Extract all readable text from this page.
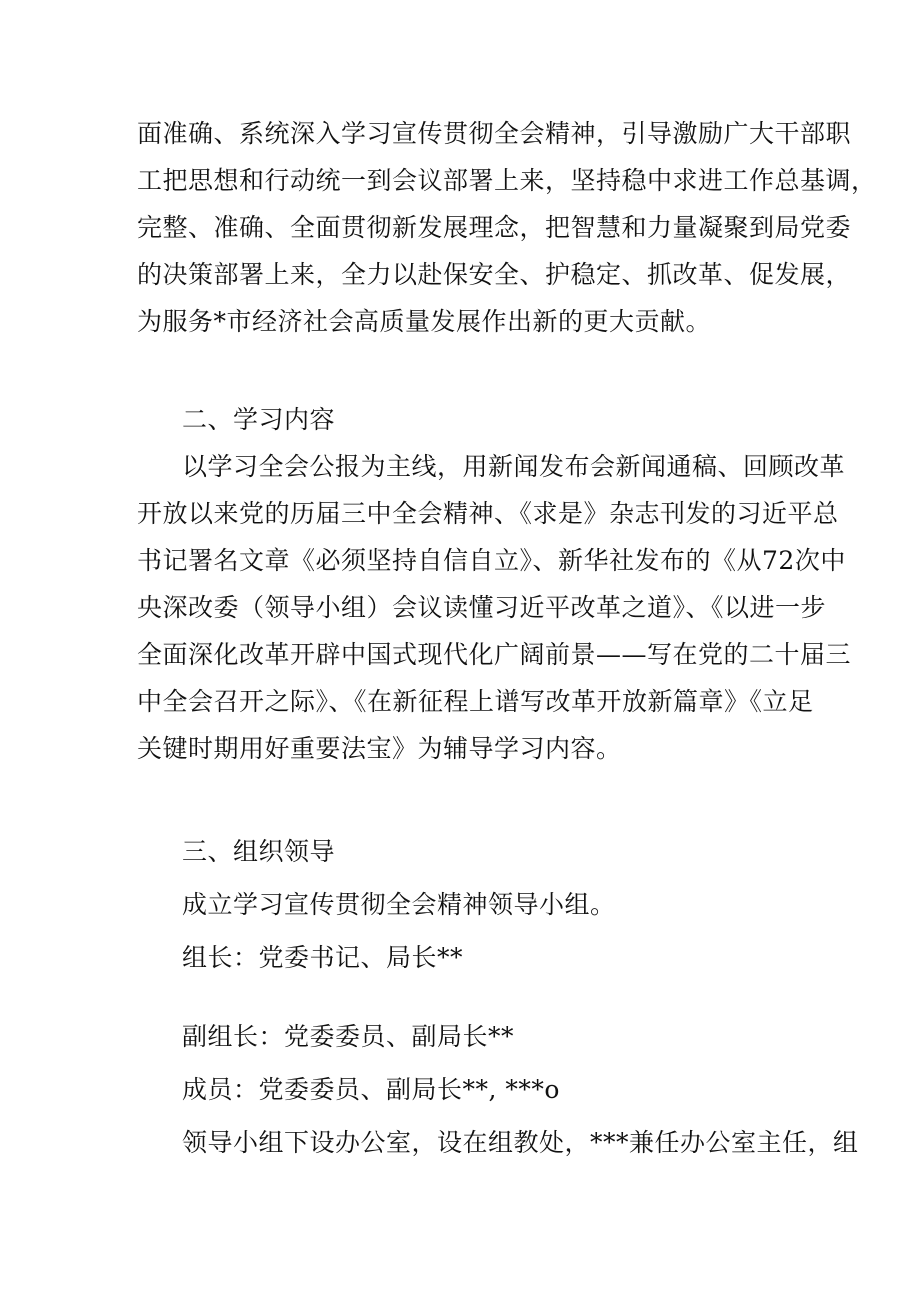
面准确、系统深入学习宣传贯彻全会精神，引导激励广大干部职
工把思想和行动统一到会议部署上来，坚持稳中求进工作总基调，
完整、准确、全面贯彻新发展理念，把智慧和力量凝聚到局党委
的决策部署上来，全力以赴保安全、护稳定、抓改革、促发展，
为服务*市经济社会高质量发展作出新的更大贡献。
二、学习内容
以学习全会公报为主线，用新闻发布会新闻通稿、回顾改革
开放以来党的历届三中全会精神、《求是》杂志刊发的习近平总
书记署名文章《必须坚持自信自立》、新华社发布的《从72次中
央深改委（领导小组）会议读懂习近平改革之道》、《以进一步
全面深化改革开辟中国式现代化广阔前景——写在党的二十届三
中全会召开之际》、《在新征程上谱写改革开放新篇章》《立足
关键时期用好重要法宝》为辅导学习内容。
三、组织领导
成立学习宣传贯彻全会精神领导小组。
组长：党委书记、局长**
副组长：党委委员、副局长**
成员：党委委员、副局长**, ***o
领导小组下设办公室，设在组教处，***兼任办公室主任，组
